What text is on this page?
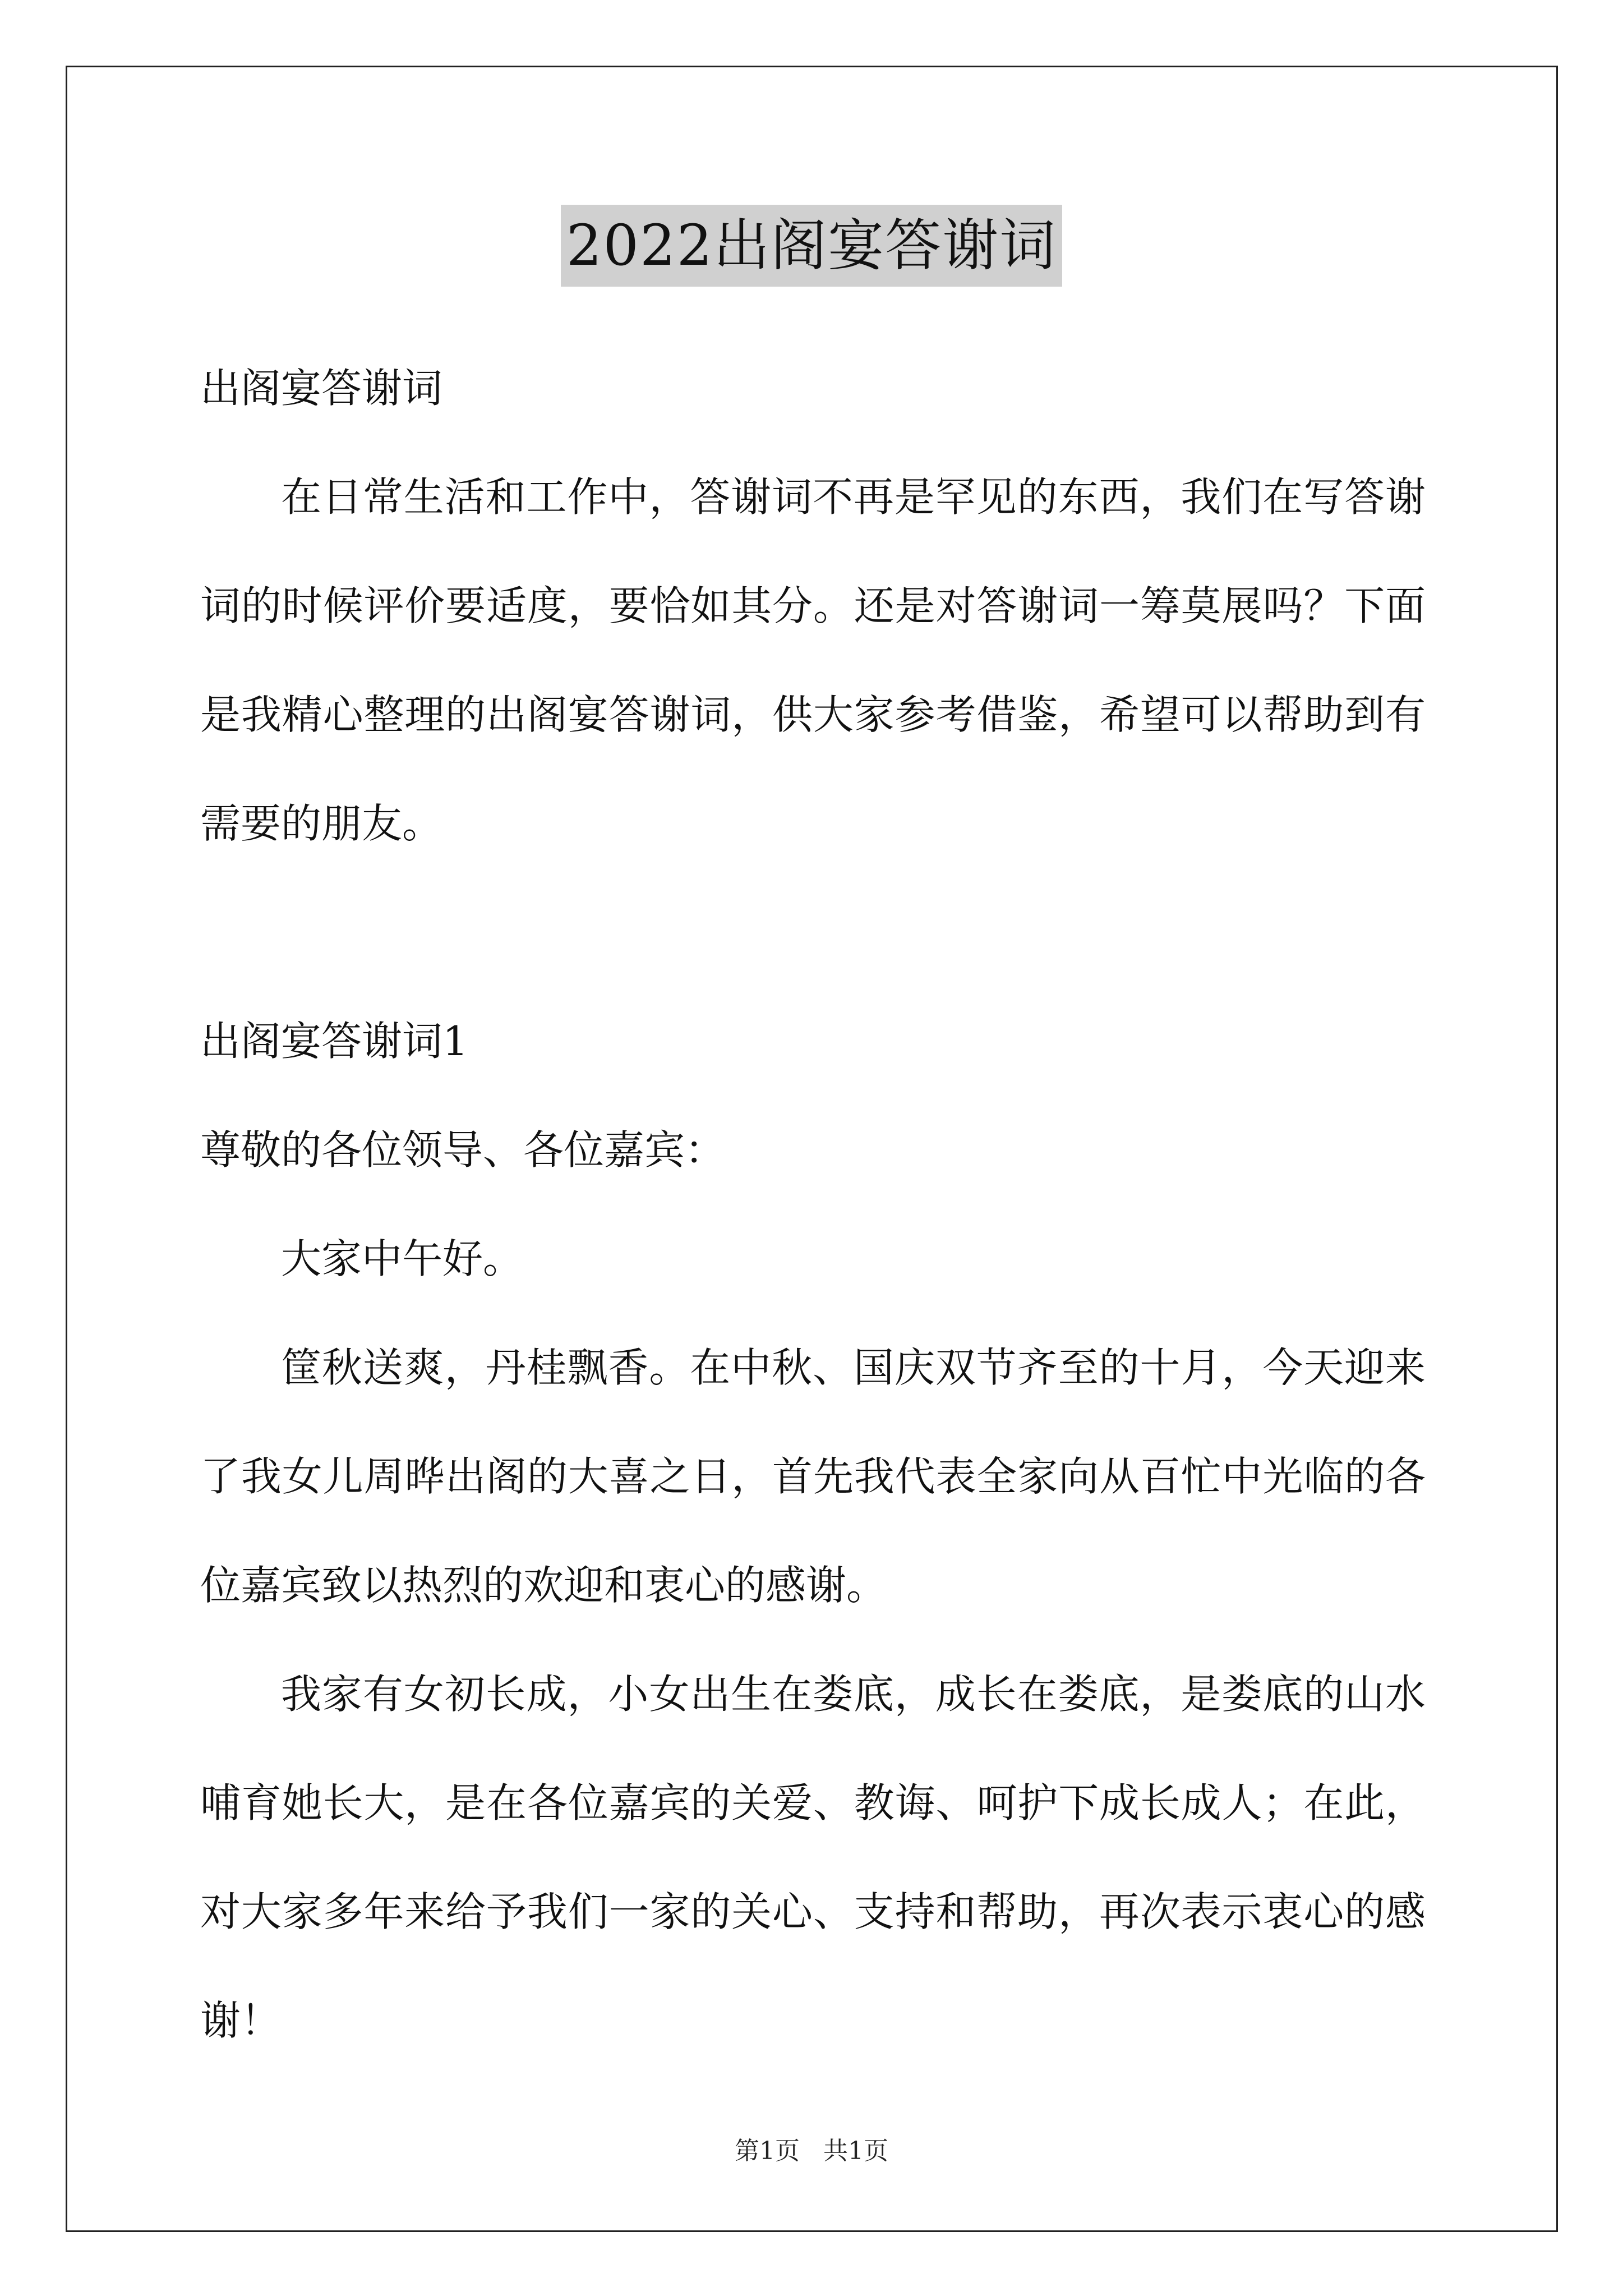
2022出阁宴答谢词

出阁宴答谢词

在日常生活和工作中，答谢词不再是罕见的东西，我们在写答谢词的时候评价要适度，要恰如其分。还是对答谢词一筹莫展吗？下面是我精心整理的出阁宴答谢词，供大家参考借鉴，希望可以帮助到有需要的朋友。

出阁宴答谢词1

尊敬的各位领导、各位嘉宾：

大家中午好。

筐秋送爽，丹桂飘香。在中秋、国庆双节齐至的十月，今天迎来了我女儿周晔出阁的大喜之日，首先我代表全家向从百忙中光临的各位嘉宾致以热烈的欢迎和衷心的感谢。

我家有女初长成，小女出生在娄底，成长在娄底，是娄底的山水哺育她长大，是在各位嘉宾的关爱、教诲、呵护下成长成人；在此，对大家多年来给予我们一家的关心、支持和帮助，再次表示衷心的感谢！

第1页   共1页
